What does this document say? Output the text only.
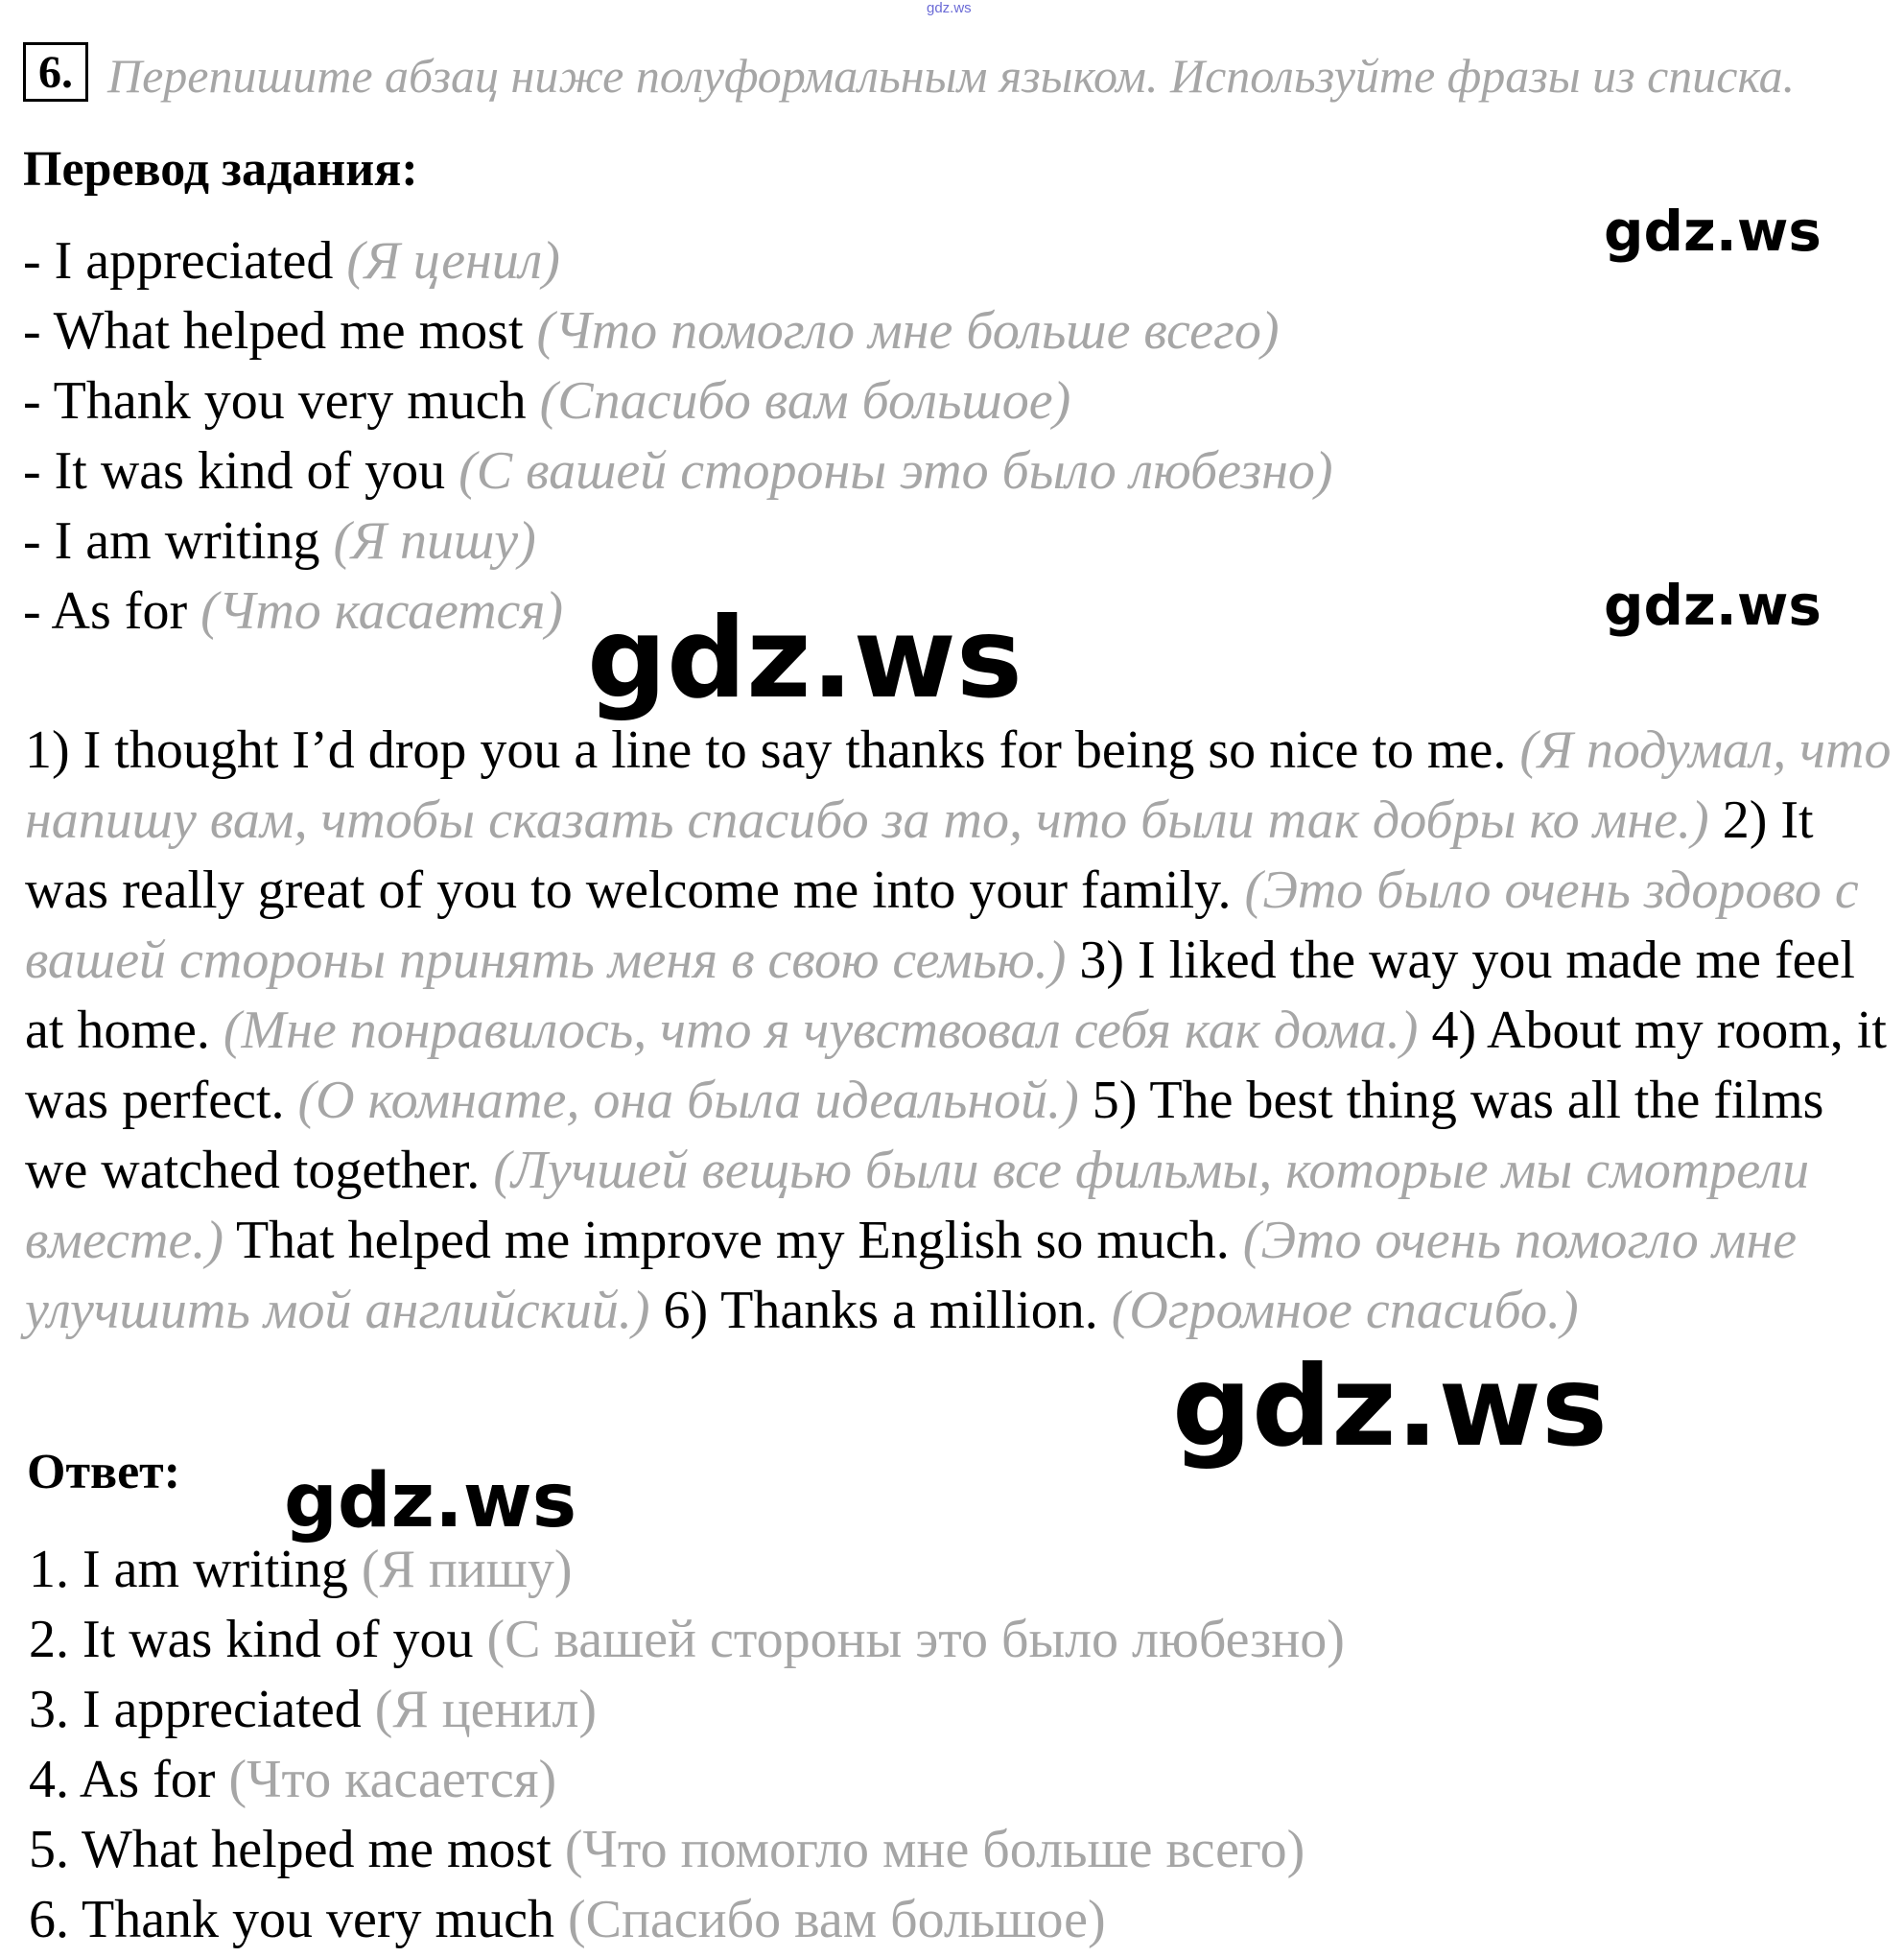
gdz.ws
6. Перепишите абзац ниже полуформальным языком. Используйте фразы из списка.
Перевод задания:
- I appreciated (Я ценил)
- What helped me most (Что помогло мне больше всего)
- Thank you very much (Спасибо вам большое)
- It was kind of you (С вашей стороны это было любезно)
- I am writing (Я пишу)
- As for (Что касается)
1) I thought I’d drop you a line to say thanks for being so nice to me. (Я подумал, что напишу вам, чтобы сказать спасибо за то, что были так добры ко мне.) 2) It was really great of you to welcome me into your family. (Это было очень здорово с вашей стороны принять меня в свою семью.) 3) I liked the way you made me feel at home. (Мне понравилось, что я чувствовал себя как дома.) 4) About my room, it was perfect. (О комнате, она была идеальной.) 5) The best thing was all the films we watched together. (Лучшей вещью были все фильмы, которые мы смотрели вместе.) That helped me improve my English so much. (Это очень помогло мне улучшить мой английский.) 6) Thanks a million. (Огромное спасибо.)
Ответ:
1. I am writing (Я пишу)
2. It was kind of you (С вашей стороны это было любезно)
3. I appreciated (Я ценил)
4. As for (Что касается)
5. What helped me most (Что помогло мне больше всего)
6. Thank you very much (Спасибо вам большое)
gdz.ws
gdz.ws
gdz.ws
gdz.ws
gdz.ws
